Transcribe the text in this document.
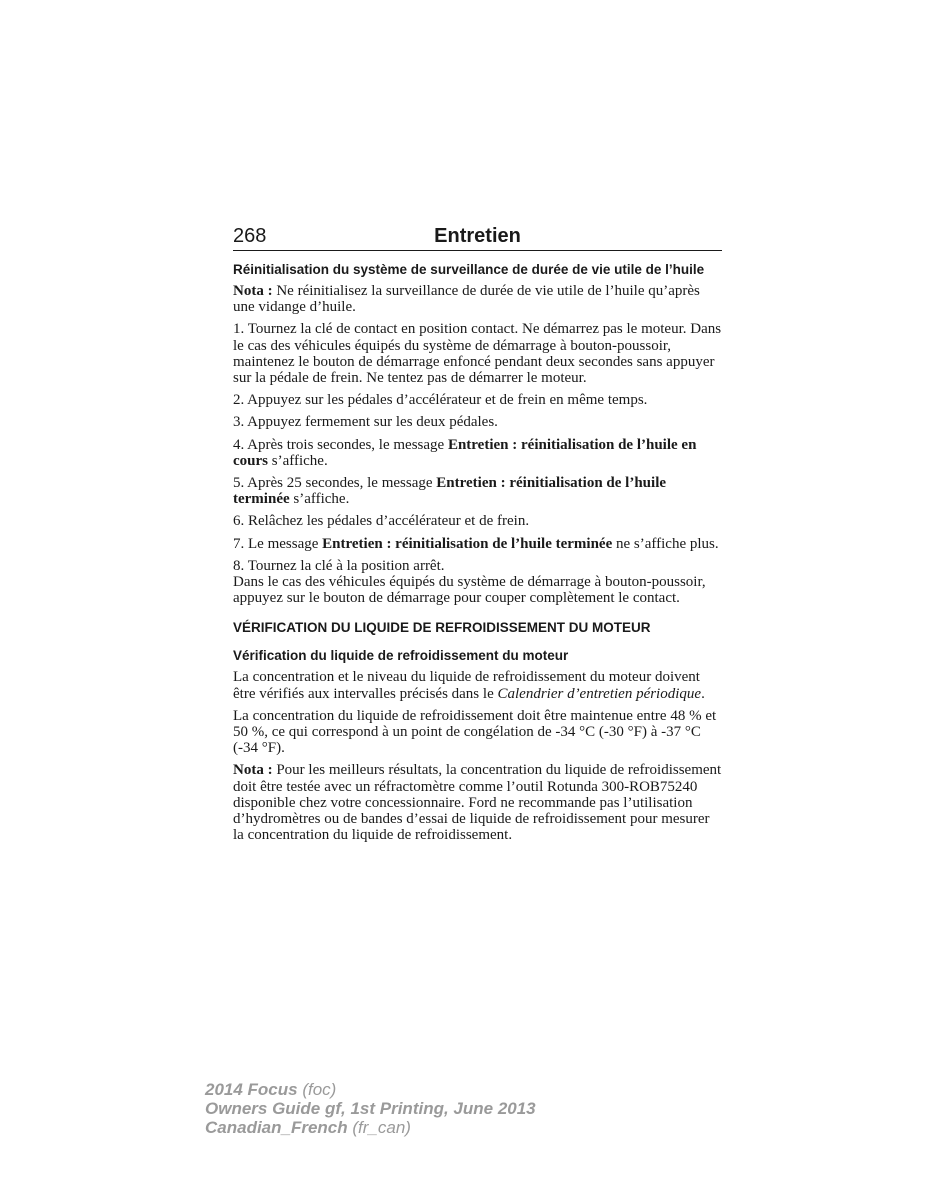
268	Entretien
Réinitialisation du système de surveillance de durée de vie utile de l’huile

Nota : Ne réinitialisez la surveillance de durée de vie utile de l’huile qu’après une vidange d’huile.

1. Tournez la clé de contact en position contact. Ne démarrez pas le moteur. Dans le cas des véhicules équipés du système de démarrage à bouton-poussoir, maintenez le bouton de démarrage enfoncé pendant deux secondes sans appuyer sur la pédale de frein. Ne tentez pas de démarrer le moteur.

2. Appuyez sur les pédales d’accélérateur et de frein en même temps.

3. Appuyez fermement sur les deux pédales.

4. Après trois secondes, le message Entretien : réinitialisation de l’huile en cours s’affiche.

5. Après 25 secondes, le message Entretien : réinitialisation de l’huile terminée s’affiche.

6. Relâchez les pédales d’accélérateur et de frein.

7. Le message Entretien : réinitialisation de l’huile terminée ne s’affiche plus.

8. Tournez la clé à la position arrêt.
Dans le cas des véhicules équipés du système de démarrage à bouton-poussoir, appuyez sur le bouton de démarrage pour couper complètement le contact.

VÉRIFICATION DU LIQUIDE DE REFROIDISSEMENT DU MOTEUR
Vérification du liquide de refroidissement du moteur

La concentration et le niveau du liquide de refroidissement du moteur doivent être vérifiés aux intervalles précisés dans le Calendrier d’entretien périodique.

La concentration du liquide de refroidissement doit être maintenue entre 48 % et 50 %, ce qui correspond à un point de congélation de -34 °C (-30 °F) à -37 °C (-34 °F).

Nota : Pour les meilleurs résultats, la concentration du liquide de refroidissement doit être testée avec un réfractomètre comme l’outil Rotunda 300-ROB75240 disponible chez votre concessionnaire. Ford ne recommande pas l’utilisation d’hydromètres ou de bandes d’essai de liquide de refroidissement pour mesurer la concentration du liquide de refroidissement.

2014 Focus (foc)
Owners Guide gf, 1st Printing, June 2013
Canadian_French (fr_can)
